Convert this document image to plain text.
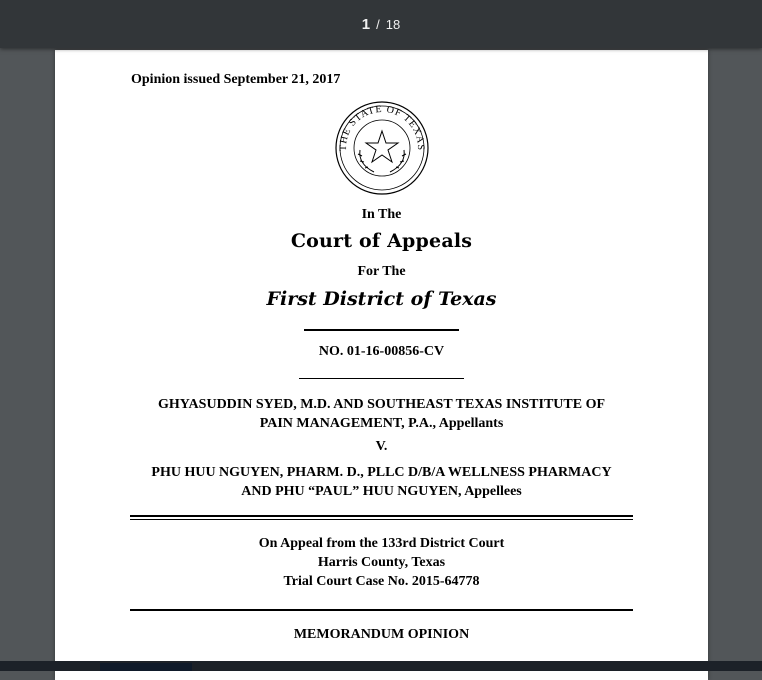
1 / 18
Opinion issued September 21, 2017
THE STATE OF TEXAS
In The
Court of Appeals
For The
First District of Texas
NO. 01-16-00856-CV
GHYASUDDIN SYED, M.D. AND SOUTHEAST TEXAS INSTITUTE OF
PAIN MANAGEMENT, P.A., Appellants
V.
PHU HUU NGUYEN, PHARM. D., PLLC D/B/A WELLNESS PHARMACY
AND PHU “PAUL” HUU NGUYEN, Appellees
On Appeal from the 133rd District Court
Harris County, Texas
Trial Court Case No. 2015-64778
MEMORANDUM OPINION
